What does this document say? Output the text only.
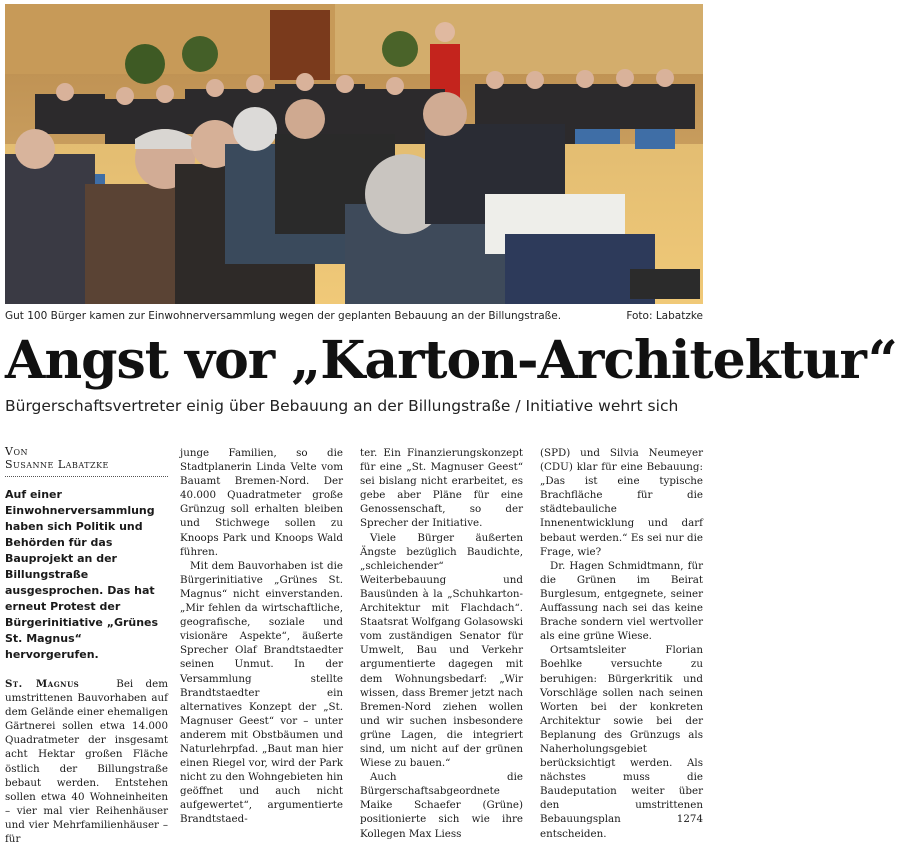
Gut 100 Bürger kamen zur Einwohnerversammlung wegen der geplanten Bebauung an der Billungstraße.	Foto: Labatzke
Angst vor „Karton-Architektur“
Bürgerschaftsvertreter einig über Bebauung an der Billungstraße / Initiative wehrt sich
Von
Susanne Labatzke
Auf einer Einwohnerversammlung haben sich Politik und Behörden für das Bauprojekt an der Billungstraße ausgesprochen. Das hat erneut Protest der Bürgerinitiative „Grünes St. Magnus“ hervorgerufen.

St. Magnus	Bei dem umstrittenen Bauvorhaben auf dem Gelände einer ehemaligen Gärtnerei sollen etwa 14.000 Quadratmeter der insgesamt acht Hektar großen Fläche östlich der Billungstraße bebaut werden. Entstehen sollen etwa 40 Wohneinheiten – vier mal vier Reihenhäuser und vier Mehrfamilienhäuser – für

junge Familien, so die Stadtplanerin Linda Velte vom Bauamt Bremen-Nord. Der 40.000 Quadratmeter große Grünzug soll erhalten bleiben und Stichwege sollen zu Knoops Park und Knoops Wald führen.

Mit dem Bauvorhaben ist die Bürgerinitiative „Grünes St. Magnus“ nicht einverstanden. „Mir fehlen da wirtschaftliche, geografische, soziale und visionäre Aspekte“, äußerte Sprecher Olaf Brandtstaedter seinen Unmut. In der Versammlung stellte Brandtstaedter ein alternatives Konzept der „St. Magnuser Geest“ vor – unter anderem mit Obstbäumen und Naturlehrpfad. „Baut man hier einen Riegel vor, wird der Park nicht zu den Wohngebieten hin geöffnet und auch nicht aufgewertet“, argumentierte Brandtstaed-

ter. Ein Finanzierungskonzept für eine „St. Magnuser Geest“ sei bislang nicht erarbeitet, es gebe aber Pläne für eine Genossenschaft, so der Sprecher der Initiative.

Viele Bürger äußerten Ängste bezüglich Baudichte, „schleichender“ Weiterbebauung und Bausünden à la „Schuhkarton-Architektur mit Flachdach“. Staatsrat Wolfgang Golasowski vom zuständigen Senator für Umwelt, Bau und Verkehr argumentierte dagegen mit dem Wohnungsbedarf: „Wir wissen, dass Bremer jetzt nach Bremen-Nord ziehen wollen und wir suchen insbesondere grüne Lagen, die integriert sind, um nicht auf der grünen Wiese zu bauen.“

Auch die Bürgerschaftsabgeordnete Maike Schaefer (Grüne) positionierte sich wie ihre Kollegen Max Liess

(SPD) und Silvia Neumeyer (CDU) klar für eine Bebauung: „Das ist eine typische Brachfläche für die städtebauliche Innenentwicklung und darf bebaut werden.“ Es sei nur die Frage, wie?

Dr. Hagen Schmidtmann, für die Grünen im Beirat Burglesum, entgegnete, seiner Auffassung nach sei das keine Brache sondern viel wertvoller als eine grüne Wiese.

Ortsamtsleiter Florian Boehlke versuchte zu beruhigen: Bürgerkritik und Vorschläge sollen nach seinen Worten bei der konkreten Architektur sowie bei der Beplanung des Grünzugs als Naherholungsgebiet berücksichtigt werden. Als nächstes muss die Baudeputation weiter über den umstrittenen Bebauungsplan 1274 entscheiden.
